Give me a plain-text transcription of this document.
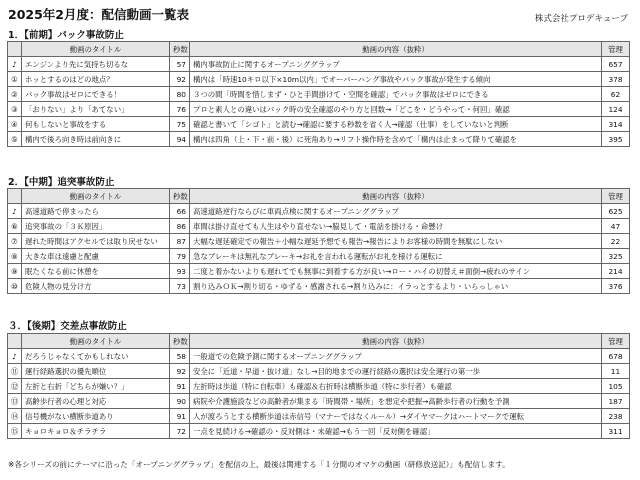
2025年2月度：配信動画一覧表	株式会社プロデキューブ
1．【前期】バック事故防止
	動画のタイトル	秒数	動画の内容（抜粋）	管理
♪	エンジンより先に気持ち切るな	57	構内事故防止に関するオープニンググラップ	657
①	ホッとするのはどの地点？	92	構内は「時速10キロ以下×10m以内」でオーバーハング事故やバック事故が発生する傾向	378
②	バック事故はゼロにできる！	80	３つの間「時間を惜しまず・ひと手間掛けて・空間を確認」でバック事故はゼロにできる	62
③	「おりない」より「あてない」	76	プロと素人との違いはバック時の安全確認のやり方と回数→「どこを・どうやって・何回」確認	124
④	何もしないと事故をする	75	確認と書いて「シゴト」と読む→確認に要する秒数を省く人→確認（仕事）をしていないと判断	314
⑤	構内で後ろ向き時は前向きに	94	構内は四角（上・下・前・後）に死角あり→リフト操作時を含めて「構内は止まって降りて確認を	395
2．【中期】追突事故防止
	動画のタイトル	秒数	動画の内容（抜粋）	管理
♪	高速道路で停まったら	66	高速道路逆行ならびに車両点検に関するオープニンググラップ	625
⑥	追突事故の「３Ｋ原因」	86	車間は掛け直せても人生はやり直せない→脇見して・電話を掛ける・命懸け	47
⑦	遅れた時間はアクセルでは取り戻せない	87	大幅な遅延確定での報告＋小幅な遅延予想でも報告→報告によりお客様の時間を無駄にしない	22
⑧	大きな車は遠慮と配慮	79	急なブレーキは無礼なブレーキ→お礼を言われる運転がお礼を様ける運転に	325
⑨	眠たくなる前に休憩を	93	二度と着かないよりも遅れてでも無事に到着する方が良い→ロー・ハイの切替え＃面倒→疲れのサイン	214
⑩	危険人物の見分け方	73	割り込みＯＫ→割り切る・ゆずる・感謝される→割り込みに：イラっとするより・いらっしゃい	376
３．【後期】交差点事故防止
	動画のタイトル	秒数	動画の内容（抜粋）	管理
♪	だろうじゃなくてかもしれない	58	一般道での危険予測に関するオープニンググラップ	678
⑪	運行経路選択の優先順位	92	安全に「近道・早道・抜け道」なし→目的地までの運行経路の選択は安全運行の第一歩	11
⑫	左折と右折「どちらが嫌い？」	91	左折時は歩道（特に自転車）も確認＆右折時は横断歩道（特に歩行者）も確認	105
⑬	高齢歩行者の心理と対応	90	病院や介護施設などの高齢者が集まる「時間帯・場所」を想定や把握→高齢歩行者の行動を予測	187
⑭	信号機がない横断歩道あり	91	人が渡ろうとする横断歩道は赤信号（マナーではなくルール）→ダイヤマークはハートマークで運転	238
⑮	キョロキョロ＆チラチラ	72	一点を見続ける→確認の・反対側は・未確認→もう一回「反対側を確認」	311
※各シリーズの前にテーマに沿った「オープニンググラップ」を配信の上、最後は関連する「１分間のオマケの動画（研修放送記）」も配信します。
